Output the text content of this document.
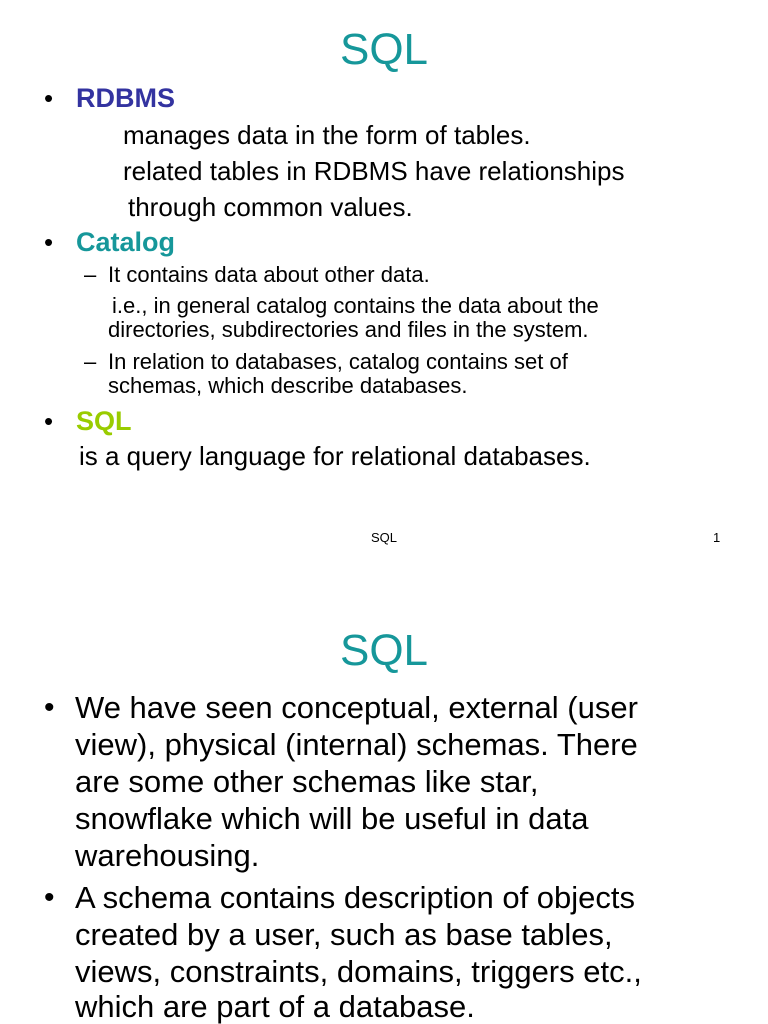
SQL
• RDBMS
manages data in the form of tables.
related tables in RDBMS have relationships
through common values.
• Catalog
– It contains data about other data.
i.e., in general catalog contains the data about the
directories, subdirectories and files in the system.
– In relation to databases, catalog contains set of
schemas, which describe databases.
• SQL
is a query language for relational databases.
SQL	1
SQL
• We have seen conceptual, external (user
view), physical (internal) schemas. There
are some other schemas like star,
snowflake which will be useful in data
warehousing.
• A schema contains description of objects
created by a user, such as base tables,
views, constraints, domains, triggers etc.,
which are part of a database.
